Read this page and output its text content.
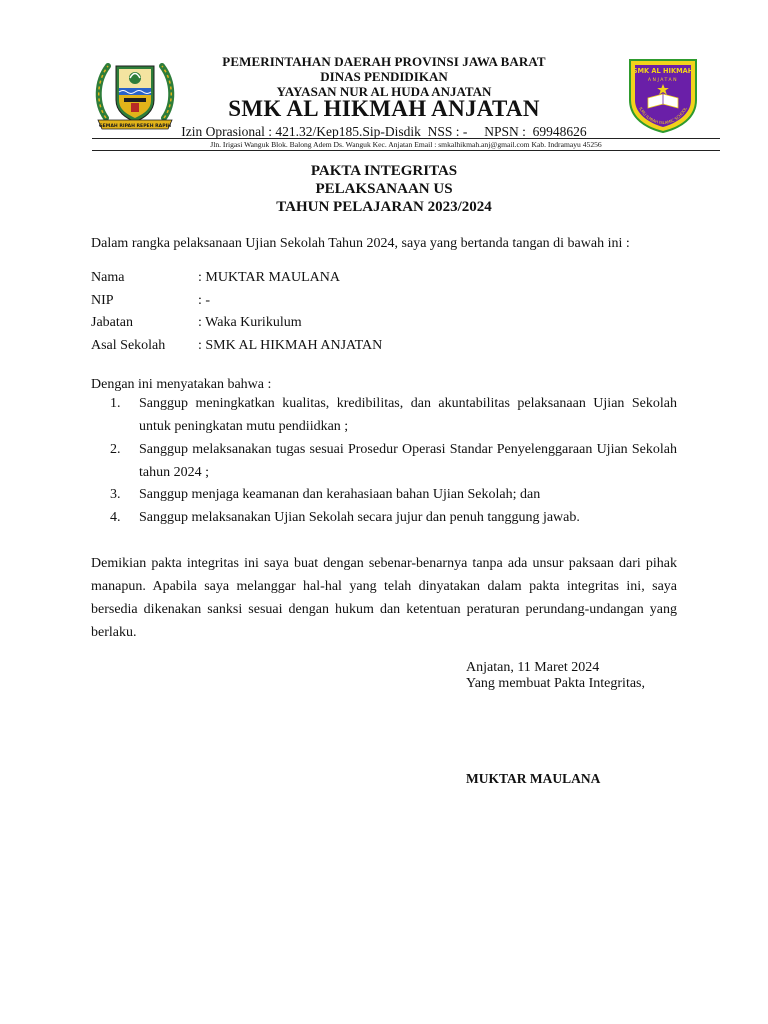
GEMAH RIPAH REPEH RAPIH
SMK AL HIKMAH
ANJATAN
ILMU ILMIAH ISLAMIC SCHOOL
PEMERINTAHAN DAERAH PROVINSI JAWA BARAT
DINAS PENDIDIKAN
YAYASAN NUR AL HUDA ANJATAN
SMK AL HIKMAH ANJATAN
Izin Oprasional : 421.32/Kep185.Sip-Disdik  NSS : -     NPSN :  69948626
Jln. Irigasi Wanguk Blok. Balong Adem Ds. Wanguk Kec. Anjatan Email : smkalhikmah.anj@gmail.com Kab. Indramayu 45256
PAKTA INTEGRITAS
PELAKSANAAN US
TAHUN PELAJARAN 2023/2024
Dalam rangka pelaksanaan Ujian Sekolah Tahun 2024, saya yang bertanda tangan di bawah ini :
Nama	: MUKTAR MAULANA
NIP	: -
Jabatan	: Waka Kurikulum
Asal Sekolah : SMK AL HIKMAH ANJATAN
Dengan ini menyatakan bahwa :
1. Sanggup meningkatkan kualitas, kredibilitas, dan akuntabilitas pelaksanaan Ujian Sekolah untuk peningkatan mutu pendiidkan ;
2. Sanggup melaksanakan tugas sesuai Prosedur Operasi Standar Penyelenggaraan Ujian Sekolah tahun 2024 ;
3. Sanggup menjaga keamanan dan kerahasiaan bahan Ujian Sekolah; dan
4. Sanggup melaksanakan Ujian Sekolah secara jujur dan penuh tanggung jawab.
Demikian pakta integritas ini saya buat dengan sebenar-benarnya tanpa ada unsur paksaan dari pihak manapun. Apabila saya melanggar hal-hal yang telah dinyatakan dalam pakta integritas ini, saya bersedia dikenakan sanksi sesuai dengan hukum dan ketentuan peraturan perundang-undangan yang berlaku.
Anjatan, 11 Maret 2024
Yang membuat Pakta Integritas,
MUKTAR MAULANA
